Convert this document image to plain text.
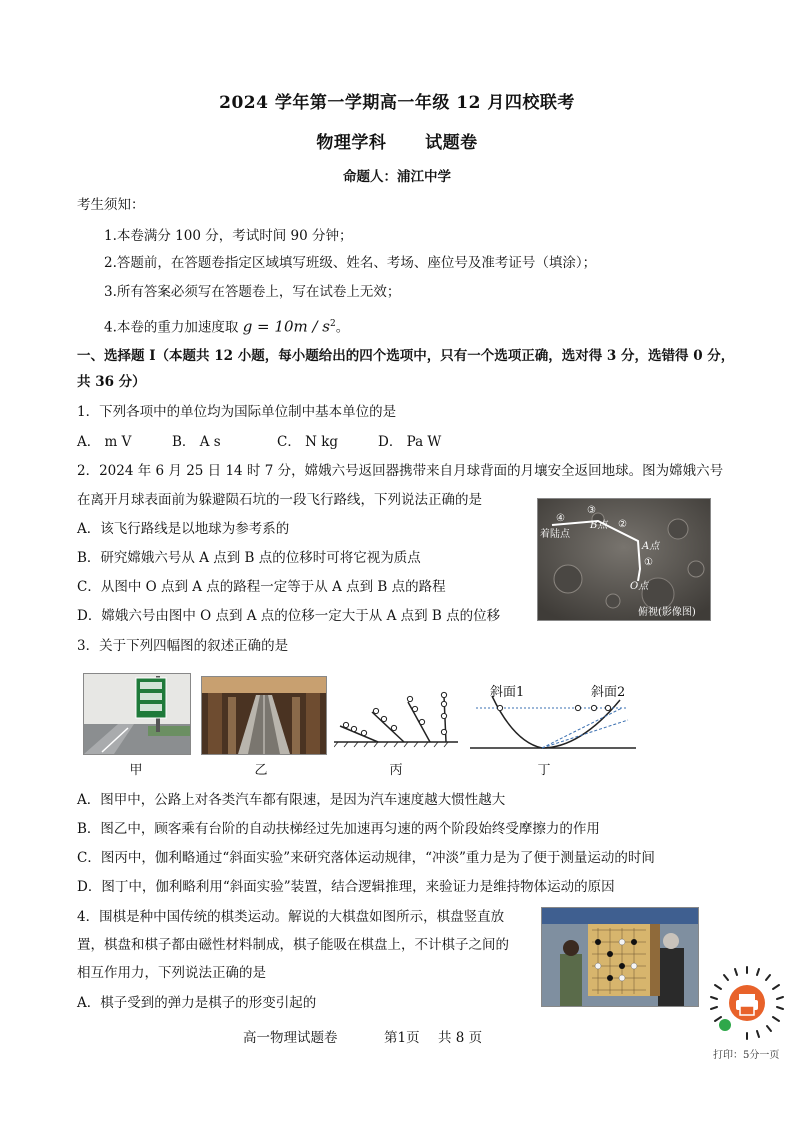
2024 学年第一学期高一年级 12 月四校联考
物理学科 试题卷
命题人：浦江中学
考生须知：
1.本卷满分 100 分，考试时间 90 分钟；
2.答题前，在答题卷指定区域填写班级、姓名、考场、座位号及准考证号（填涂）；
3.所有答案必须写在答题卷上，写在试卷上无效；
4.本卷的重力加速度取 $g = 10m / s^2$。
一、选择题 I（本题共 12 小题，每小题给出的四个选项中，只有一个选项正确，选对得 3 分，选错得 0 分，
共 36 分）
1．下列各项中的单位均为国际单位制中基本单位的是
A． m V	B． A s	C． N kg	D． Pa W
2．2024 年 6 月 25 日 14 时 7 分，嫦娥六号返回器携带来自月球背面的月壤安全返回地球。图为嫦娥六号
在离开月球表面前为躲避陨石坑的一段飞行路线，下列说法正确的是
A．该飞行路线是以地球为参考系的
B．研究嫦娥六号从 A 点到 B 点的位移时可将它视为质点
C．从图中 O 点到 A 点的路程一定等于从 A 点到 B 点的路程
D．嫦娥六号由图中 O 点到 A 点的位移一定大于从 A 点到 B 点的位移
④
着陆点
③
B点 ②
A点
①
O点
俯视(影像图)
3．关于下列四幅图的叙述正确的是
甲	乙	丙
斜面1	斜面2
丁
A．图甲中，公路上对各类汽车都有限速，是因为汽车速度越大惯性越大
B．图乙中，顾客乘有台阶的自动扶梯经过先加速再匀速的两个阶段始终受摩擦力的作用
C．图丙中，伽利略通过“斜面实验”来研究落体运动规律，“冲淡”重力是为了便于测量运动的时间
D．图丁中，伽利略利用“斜面实验”装置，结合逻辑推理，来验证力是维持物体运动的原因
4．围棋是种中国传统的棋类运动。解说的大棋盘如图所示，棋盘竖直放
置，棋盘和棋子都由磁性材料制成，棋子能吸在棋盘上，不计棋子之间的
相互作用力，下列说法正确的是
A．棋子受到的弹力是棋子的形变引起的
高一物理试题卷	第1页 共 8 页
打印：5分一页
